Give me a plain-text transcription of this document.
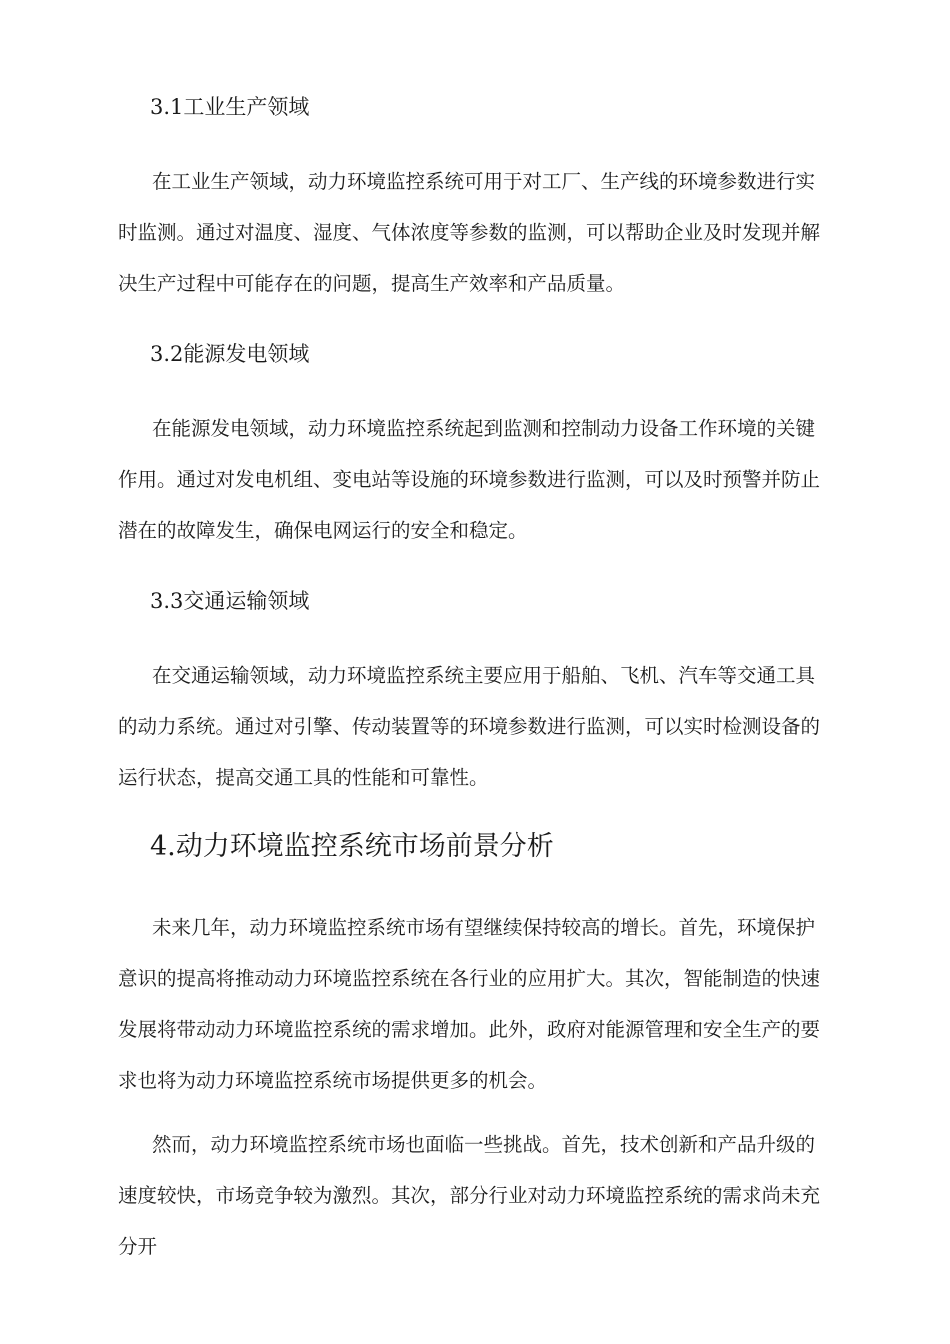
3.1工业生产领域

在工业生产领域，动力环境监控系统可用于对工厂、生产线的环境参数进行实时监测。通过对温度、湿度、气体浓度等参数的监测，可以帮助企业及时发现并解决生产过程中可能存在的问题，提高生产效率和产品质量。

3.2能源发电领域

在能源发电领域，动力环境监控系统起到监测和控制动力设备工作环境的关键作用。通过对发电机组、变电站等设施的环境参数进行监测，可以及时预警并防止潜在的故障发生，确保电网运行的安全和稳定。

3.3交通运输领域

在交通运输领域，动力环境监控系统主要应用于船舶、飞机、汽车等交通工具的动力系统。通过对引擎、传动装置等的环境参数进行监测，可以实时检测设备的运行状态，提高交通工具的性能和可靠性。

4.动力环境监控系统市场前景分析

未来几年，动力环境监控系统市场有望继续保持较高的增长。首先，环境保护意识的提高将推动动力环境监控系统在各行业的应用扩大。其次，智能制造的快速发展将带动动力环境监控系统的需求增加。此外，政府对能源管理和安全生产的要求也将为动力环境监控系统市场提供更多的机会。

然而，动力环境监控系统市场也面临一些挑战。首先，技术创新和产品升级的速度较快，市场竞争较为激烈。其次，部分行业对动力环境监控系统的需求尚未充分开
